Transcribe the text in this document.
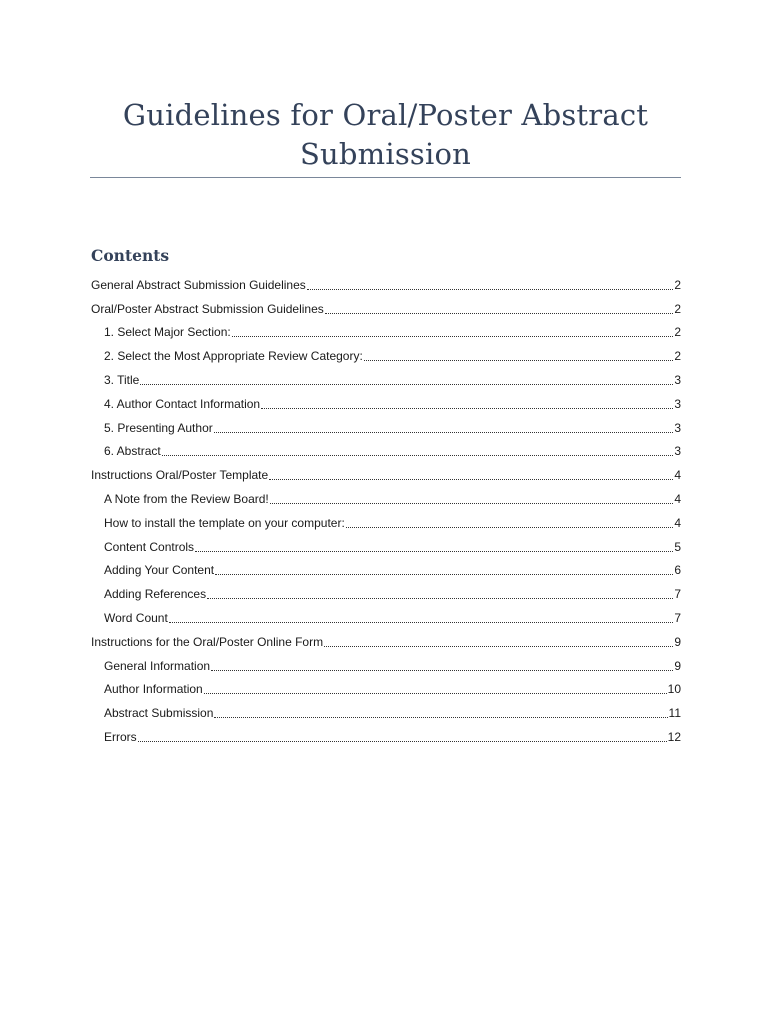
Guidelines for Oral/Poster Abstract Submission
Contents
General Abstract Submission Guidelines	2
Oral/Poster Abstract Submission Guidelines	2
1. Select Major Section:	2
2. Select the Most Appropriate Review Category:	2
3. Title	3
4. Author Contact Information	3
5. Presenting Author	3
6. Abstract	3
Instructions Oral/Poster Template	4
A Note from the Review Board!	4
How to install the template on your computer:	4
Content Controls	5
Adding Your Content	6
Adding References	7
Word Count	7
Instructions for the Oral/Poster Online Form	9
General Information	9
Author Information	10
Abstract Submission	11
Errors	12
